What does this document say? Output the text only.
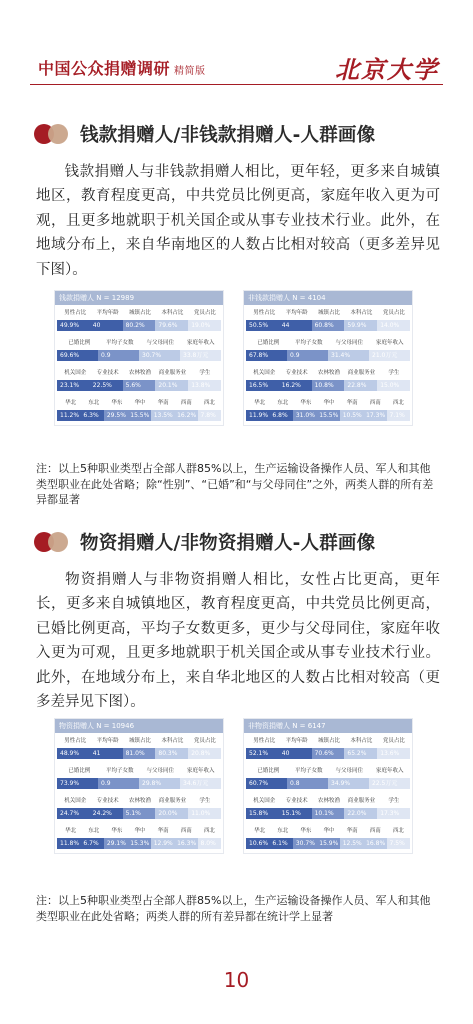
中国公众捐赠调研 精简版	北京大学
钱款捐赠人/非钱款捐赠人-人群画像
钱款捐赠人与非钱款捐赠人相比，更年轻，更多来自城镇地区，教育程度更高，中共党员比例更高，家庭年收入更为可观，且更多地就职于机关国企或从事专业技术行业。此外，在地域分布上，来自华南地区的人数占比相对较高（更多差异见下图）。
钱款捐赠人 N = 12989
男性占比	平均年龄	城镇占比	本科占比	党员占比
49.9%	40	80.2%	79.6%	19.0%
已婚比例	平均子女数	与父母同住	家庭年收入
69.6%	0.9	30.7%	33.8万元
机关国企	专业技术	农林牧渔	商业服务业	学生
23.1%	22.5%	5.6%	20.1%	13.8%
华北	东北	华东	华中	华南	西南	西北
11.2% 6.3%	29.5% 15.5% 13.5% 16.2% 7.8%
非钱款捐赠人 N = 4104
男性占比	平均年龄	城镇占比	本科占比	党员占比
50.5%	44	60.8%	59.9%	14.0%
已婚比例	平均子女数	与父母同住	家庭年收入
67.8%	0.9	31.4%	21.0万元
机关国企	专业技术	农林牧渔	商业服务业	学生
16.5%	16.2%	10.8%	22.8%	15.0%
华北	东北	华东	华中	华南	西南	西北
11.9% 6.8%	31.0% 15.5% 10.5% 17.3% 7.1%
注：以上5种职业类型占全部人群85%以上，生产运输设备操作人员、军人和其他类型职业在此处省略；除“性别”、“已婚”和“与父母同住”之外，两类人群的所有差异都显著
物资捐赠人/非物资捐赠人-人群画像
物资捐赠人与非物资捐赠人相比，女性占比更高，更年长，更多来自城镇地区，教育程度更高，中共党员比例更高，已婚比例更高，平均子女数更多，更少与父母同住，家庭年收入更为可观，且更多地就职于机关国企或从事专业技术行业。此外，在地域分布上，来自华北地区的人数占比相对较高（更多差异见下图）。
物资捐赠人 N = 10946
男性占比	平均年龄	城镇占比	本科占比	党员占比
48.9%	41	81.0%	80.3%	20.8%
已婚比例	平均子女数	与父母同住	家庭年收入
73.9%	0.9	29.8%	34.6万元
机关国企	专业技术	农林牧渔	商业服务业	学生
24.7%	24.2%	5.1%	20.0%	11.0%
华北	东北	华东	华中	华南	西南	西北
11.8% 6.7%	29.1% 15.3% 12.9% 16.3% 8.0%
非物资捐赠人 N = 6147
男性占比	平均年龄	城镇占比	本科占比	党员占比
52.1%	40	70.6%	65.2%	13.6%
已婚比例	平均子女数	与父母同住	家庭年收入
60.7%	0.8	34.9%	22.5万元
机关国企	专业技术	农林牧渔	商业服务业	学生
15.8%	15.1%	10.1%	22.0%	17.3%
华北	东北	华东	华中	华南	西南	西北
10.6% 6.1%	30.7% 15.9% 12.5% 16.8% 7.5%
注：以上5种职业类型占全部人群85%以上，生产运输设备操作人员、军人和其他类型职业在此处省略；两类人群的所有差异都在统计学上显著
10
